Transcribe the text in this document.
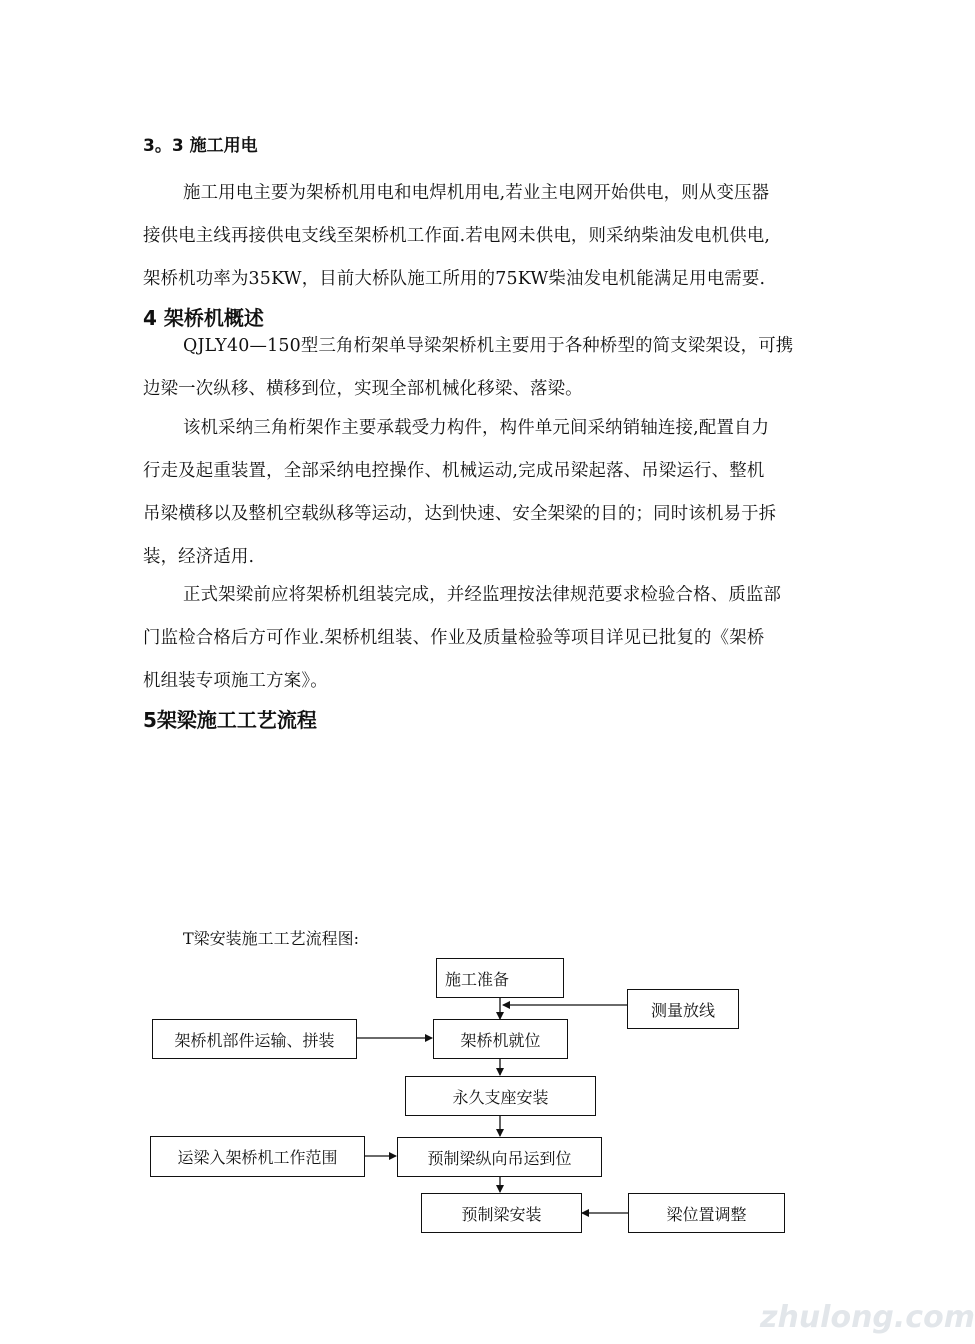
3。3 施工用电
施工用电主要为架桥机用电和电焊机用电,若业主电网开始供电，则从变压器
接供电主线再接供电支线至架桥机工作面.若电网未供电，则采纳柴油发电机供电,
架桥机功率为35KW，目前大桥队施工所用的75KW柴油发电机能满足用电需要.
4 架桥机概述
QJLY40—150型三角桁架单导梁架桥机主要用于各种桥型的简支梁架设，可携
边梁一次纵移、横移到位，实现全部机械化移梁、落梁。
该机采纳三角桁架作主要承载受力构件，构件单元间采纳销轴连接,配置自力
行走及起重装置，全部采纳电控操作、机械运动,完成吊梁起落、吊梁运行、整机
吊梁横移以及整机空载纵移等运动，达到快速、安全架梁的目的；同时该机易于拆
装，经济适用.
正式架梁前应将架桥机组装完成，并经监理按法律规范要求检验合格、质监部
门监检合格后方可作业.架桥机组装、作业及质量检验等项目详见已批复的《架桥
机组装专项施工方案》。
5架梁施工工艺流程
T梁安装施工工艺流程图:
施工准备
测量放线
架桥机部件运输、拼装	架桥机就位
永久支座安装
运梁入架桥机工作范围	预制梁纵向吊运到位
预制梁安装	梁位置调整
zhulong.com
